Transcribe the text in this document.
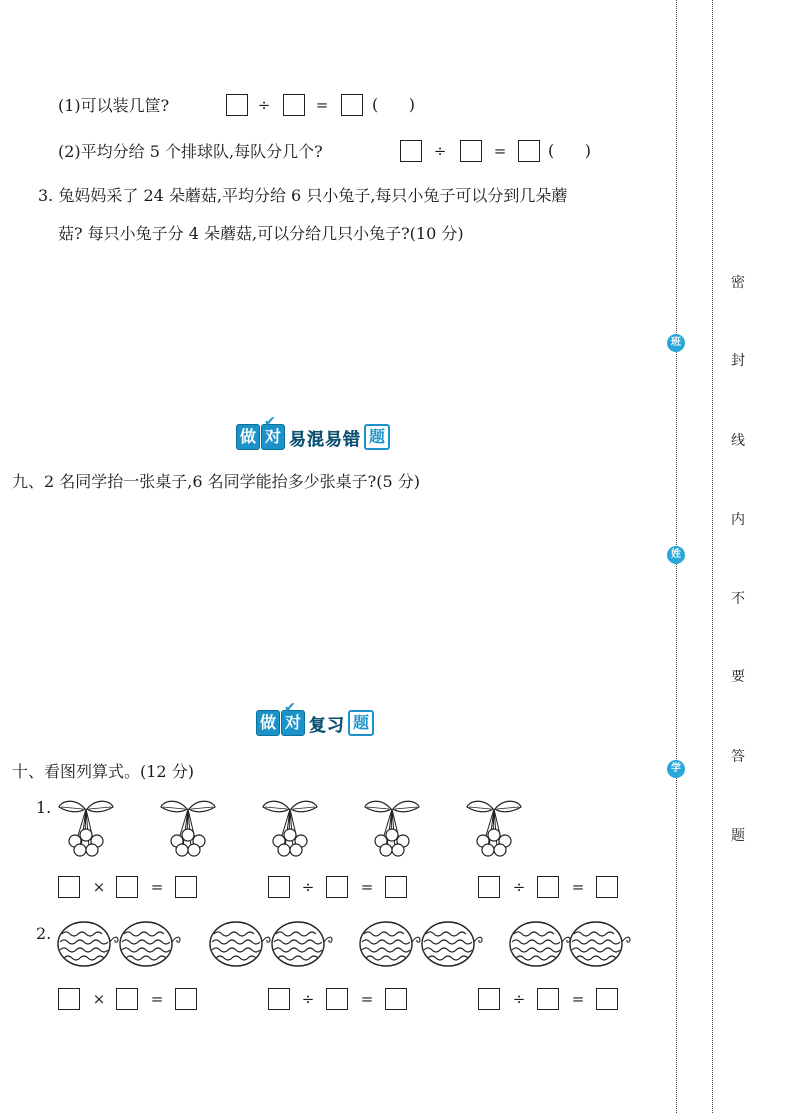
(1)可以装几筐?	÷	=	(      )
(2)平均分给 5 个排球队,每队分几个?	÷	=	(      )
3. 兔妈妈采了 24 朵蘑菇,平均分给 6 只小兔子,每只小兔子可以分到几朵蘑
菇? 每只小兔子分 4 朵蘑菇,可以分给几只小兔子?(10 分)
做 对
✔
易混易错 题
九、2 名同学抬一张桌子,6 名同学能抬多少张桌子?(5 分)
做 对
✔
复习 题
十、看图列算式。(12 分)
1.
×	=	÷	=	÷	=
2.
×	=	÷	=	÷	=
密
封
线
内
不
要
答
题
班
姓
学
